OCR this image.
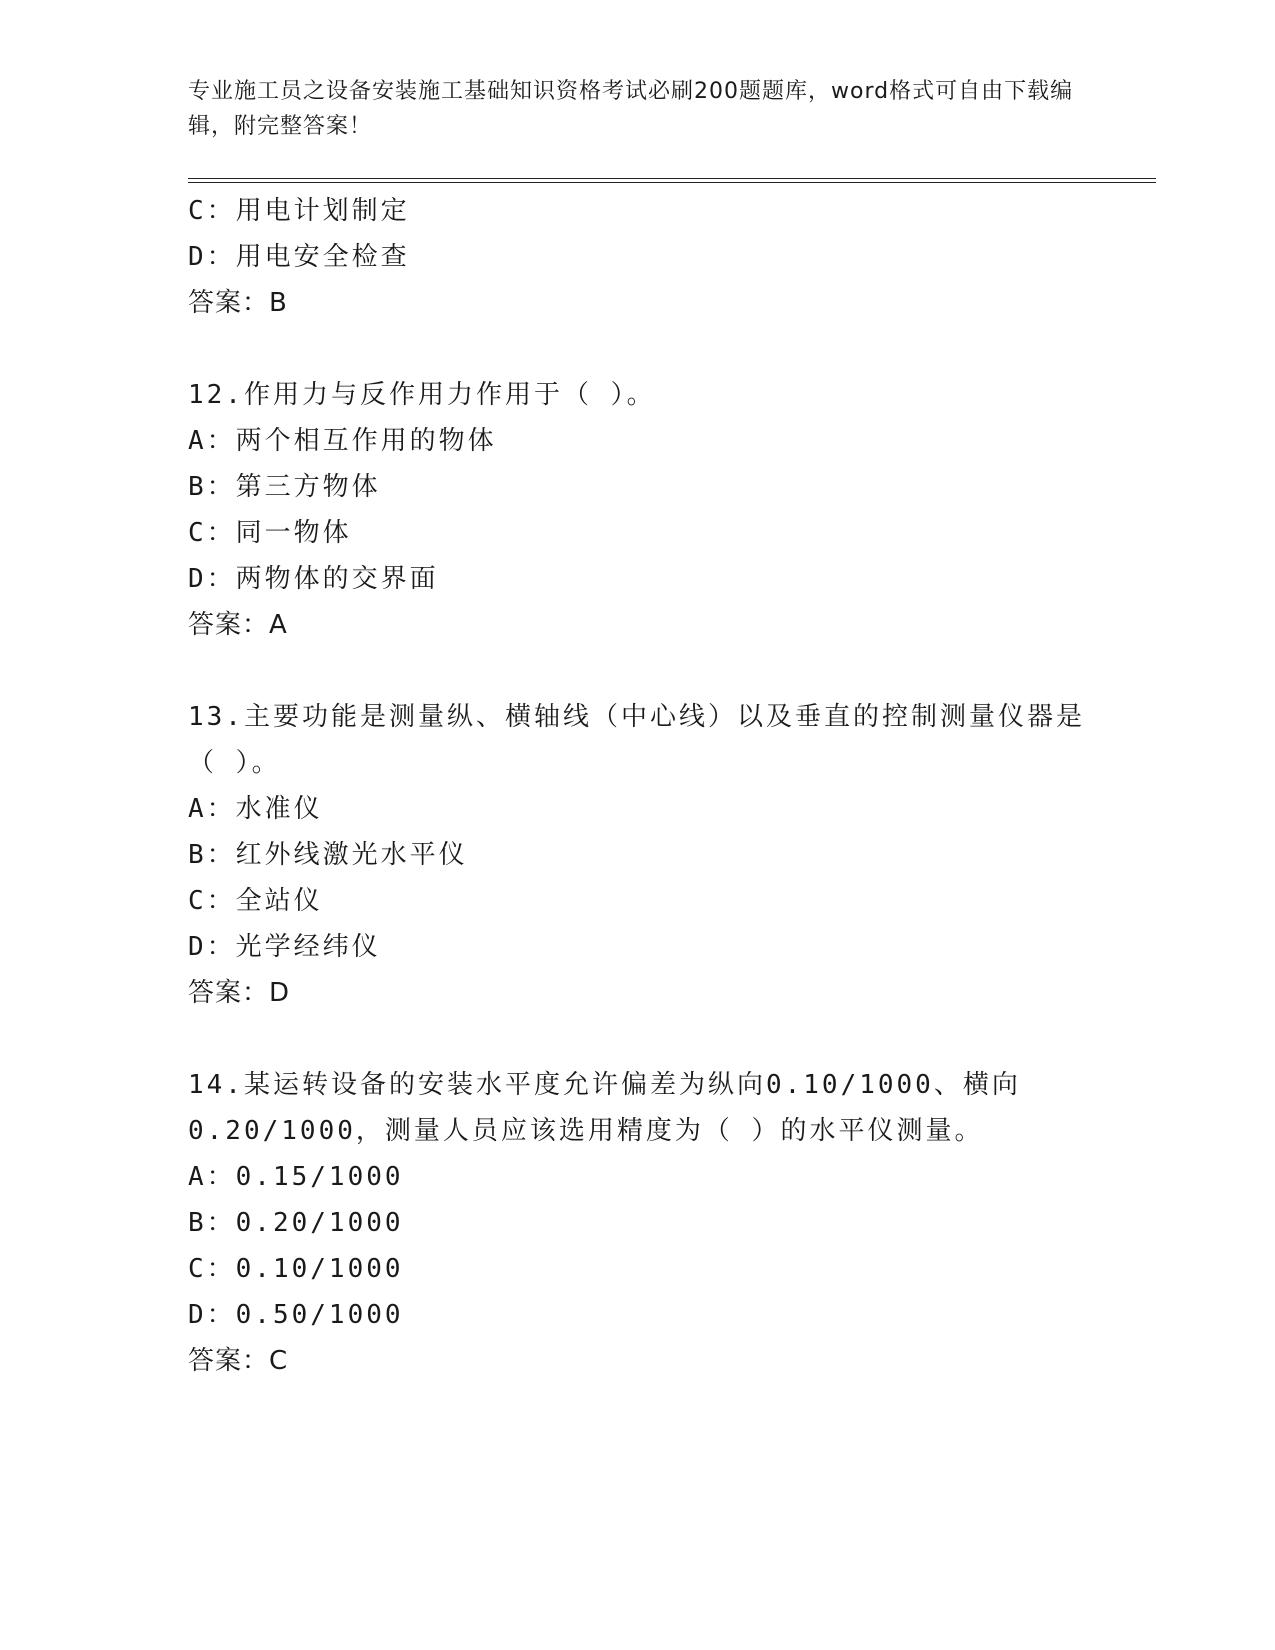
专业施工员之设备安装施工基础知识资格考试必刷200题题库，word格式可自由下载编辑，附完整答案！
C：用电计划制定
D：用电安全检查
答案：B
12.作用力与反作用力作用于（ ）。
A：两个相互作用的物体
B：第三方物体
C：同一物体
D：两物体的交界面
答案：A
13.主要功能是测量纵、横轴线（中心线）以及垂直的控制测量仪器是（ ）。
A：水准仪
B：红外线激光水平仪
C：全站仪
D：光学经纬仪
答案：D
14.某运转设备的安装水平度允许偏差为纵向0.10/1000、横向0.20/1000，测量人员应该选用精度为（ ）的水平仪测量。
A：0.15/1000
B：0.20/1000
C：0.10/1000
D：0.50/1000
答案：C
